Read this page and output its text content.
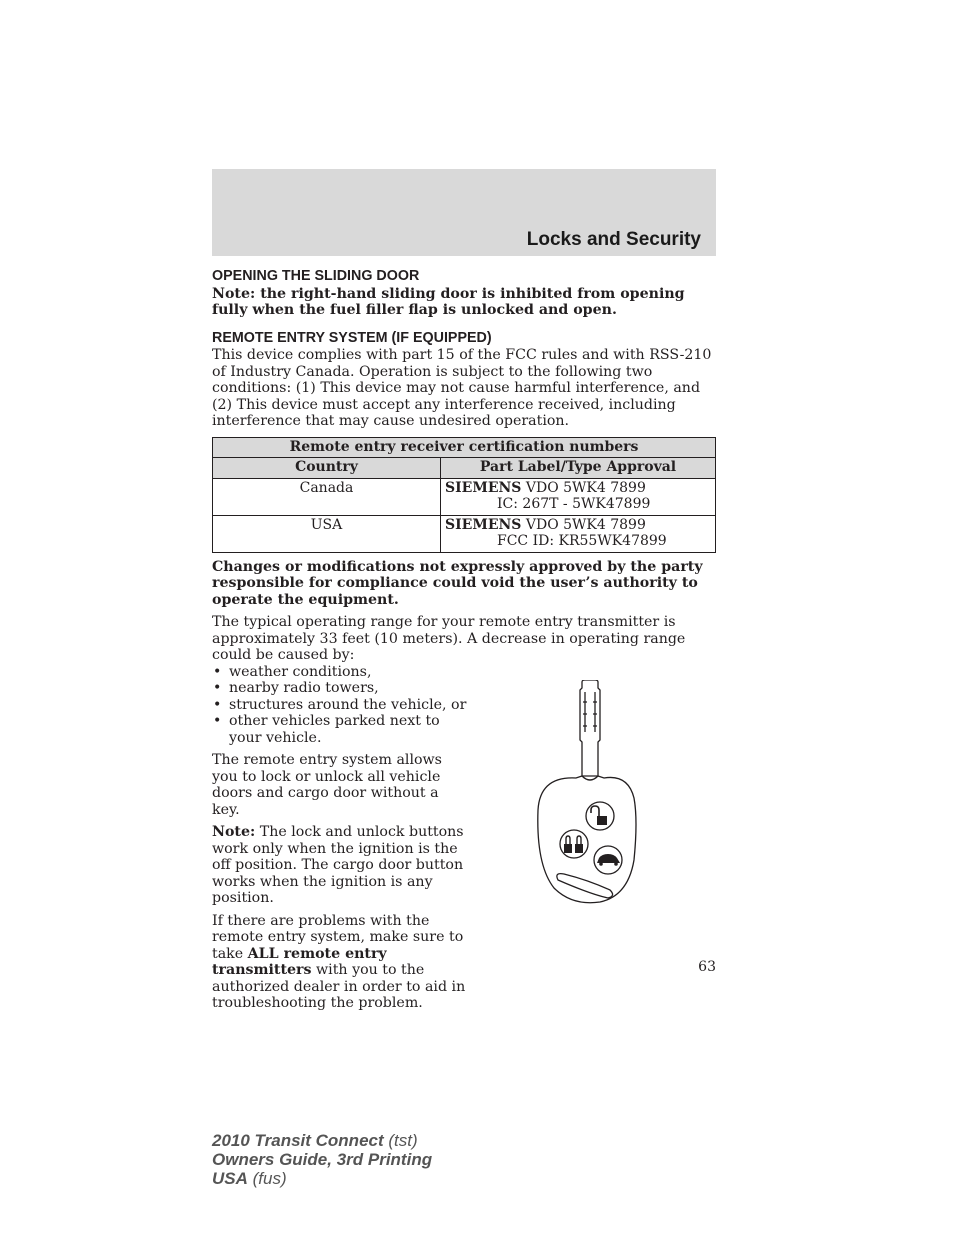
Locks and Security
OPENING THE SLIDING DOOR

Note: the right-hand sliding door is inhibited from opening fully when the fuel filler flap is unlocked and open.

REMOTE ENTRY SYSTEM (IF EQUIPPED)

This device complies with part 15 of the FCC rules and with RSS-210 of Industry Canada. Operation is subject to the following two conditions: (1) This device may not cause harmful interference, and (2) This device must accept any interference received, including interference that may cause undesired operation.

Remote entry receiver certification numbers	
Country	Part Label/Type Approval
Canada	SIEMENS VDO 5WK4 7899
IC: 267T - 5WK47899

USA	SIEMENS VDO 5WK4 7899
FCC ID: KR55WK47899

Changes or modifications not expressly approved by the party responsible for compliance could void the user’s authority to operate the equipment.

The typical operating range for your remote entry transmitter is approximately 33 feet (10 meters). A decrease in operating range could be caused by:

• weather conditions,
• nearby radio towers,
• structures around the vehicle, or
• other vehicles parked next to your vehicle.

The remote entry system allows you to lock or unlock all vehicle doors and cargo door without a key.

Note: The lock and unlock buttons work only when the ignition is the off position. The cargo door button works when the ignition is any position.

If there are problems with the remote entry system, make sure to take ALL remote entry transmitters with you to the authorized dealer in order to aid in troubleshooting the problem.

63
2010 Transit Connect (tst)
Owners Guide, 3rd Printing
USA (fus)
